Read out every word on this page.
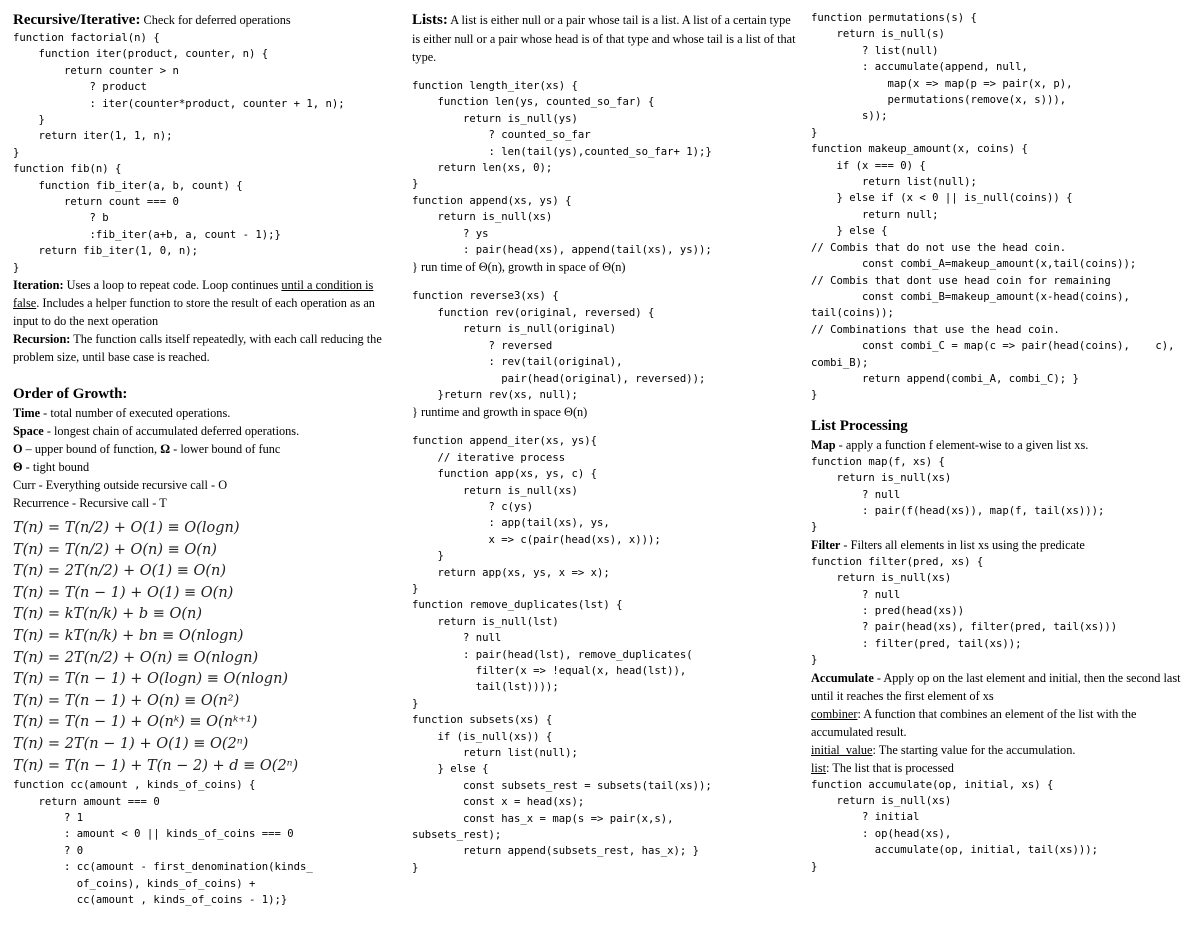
Recursive/Iterative: Check for deferred operations
function factorial(n) {
function iter(product, counter, n) {
return counter > n
? product
: iter(counter*product, counter + 1, n);
}
return iter(1, 1, n);
}
function fib(n) {
function fib_iter(a, b, count) {
return count === 0
? b
:fib_iter(a+b, a, count - 1);}
return fib_iter(1, 0, n);
}
Iteration: Uses a loop to repeat code. Loop continues until a condition is false. Includes a helper function to store the result of each operation as an input to do the next operation
Recursion: The function calls itself repeatedly, with each call reducing the problem size, until base case is reached.
Order of Growth:
Time - total number of executed operations.
Space - longest chain of accumulated deferred operations.
O – upper bound of function, Ω - lower bound of func
Θ - tight bound
Curr - Everything outside recursive call - O
Recurrence - Recursive call - T
T(n) = T(n/2) + O(1) ≡ O(logn)
T(n) = T(n/2) + O(n) ≡ O(n)
T(n) = 2T(n/2) + O(1) ≡ O(n)
T(n) = T(n − 1) + O(1) ≡ O(n)
T(n) = kT(n/k) + b ≡ O(n)
T(n) = kT(n/k) + bn ≡ O(nlogn)
T(n) = 2T(n/2) + O(n) ≡ O(nlogn)
T(n) = T(n − 1) + O(logn) ≡ O(nlogn)
T(n) = T(n − 1) + O(n) ≡ O(n²)
T(n) = T(n − 1) + O(nᵏ) ≡ O(nᵏ⁺¹)
T(n) = 2T(n − 1) + O(1) ≡ O(2ⁿ)
T(n) = T(n − 1) + T(n − 2) + d ≡ O(2ⁿ)
function cc(amount , kinds_of_coins) {
return amount === 0
? 1
: amount < 0 || kinds_of_coins === 0
? 0
: cc(amount - first_denomination(kinds_
of_coins), kinds_of_coins) +
cc(amount , kinds_of_coins - 1);}
Lists: A list is either null or a pair whose tail is a list. A list of a certain type is either null or a pair whose head is of that type and whose tail is a list of that type.
function length_iter(xs) {
function len(ys, counted_so_far) {
return is_null(ys)
? counted_so_far
: len(tail(ys),counted_so_far+ 1);}
return len(xs, 0);
}
function append(xs, ys) {
return is_null(xs)
? ys
: pair(head(xs), append(tail(xs), ys));
} run time of Θ(n), growth in space of Θ(n)
function reverse3(xs) {
function rev(original, reversed) {
return is_null(original)
? reversed
: rev(tail(original),
pair(head(original), reversed));
}return rev(xs, null);
} runtime and growth in space Θ(n)
function append_iter(xs, ys){
// iterative process
function app(xs, ys, c) {
return is_null(xs)
? c(ys)
: app(tail(xs), ys,
x => c(pair(head(xs), x)));
}
return app(xs, ys, x => x);
}
function remove_duplicates(lst) {
return is_null(lst)
? null
: pair(head(lst), remove_duplicates(
filter(x => !equal(x, head(lst)),
tail(lst))));
}
function subsets(xs) {
if (is_null(xs)) {
return list(null);
} else {
const subsets_rest = subsets(tail(xs));
const x = head(xs);
const has_x = map(s => pair(x,s),
subsets_rest);
return append(subsets_rest, has_x); }
}
function permutations(s) {
return is_null(s)
? list(null)
: accumulate(append, null,
map(x => map(p => pair(x, p),
permutations(remove(x, s))),
s));
}
function makeup_amount(x, coins) {
if (x === 0) {
return list(null);
} else if (x < 0 || is_null(coins)) {
return null;
} else {
// Combis that do not use the head coin.
const combi_A=makeup_amount(x,tail(coins));
// Combis that dont use head coin for remaining
const combi_B=makeup_amount(x-head(coins),
tail(coins));
// Combinations that use the head coin.
const combi_C = map(c => pair(head(coins),    c),
combi_B);
return append(combi_A, combi_C); }
}
List Processing
Map - apply a function f element-wise to a given list xs.
function map(f, xs) {
return is_null(xs)
? null
: pair(f(head(xs)), map(f, tail(xs)));
}
Filter - Filters all elements in list xs using the predicate
function filter(pred, xs) {
return is_null(xs)
? null
: pred(head(xs))
? pair(head(xs), filter(pred, tail(xs)))
: filter(pred, tail(xs));
}
Accumulate - Apply op on the last element and initial, then the second last until it reaches the first element of xs
combiner: A function that combines an element of the list with the accumulated result.
initial_value: The starting value for the accumulation.
list: The list that is processed
function accumulate(op, initial, xs) {
return is_null(xs)
? initial
: op(head(xs),
accumulate(op, initial, tail(xs)));
}
